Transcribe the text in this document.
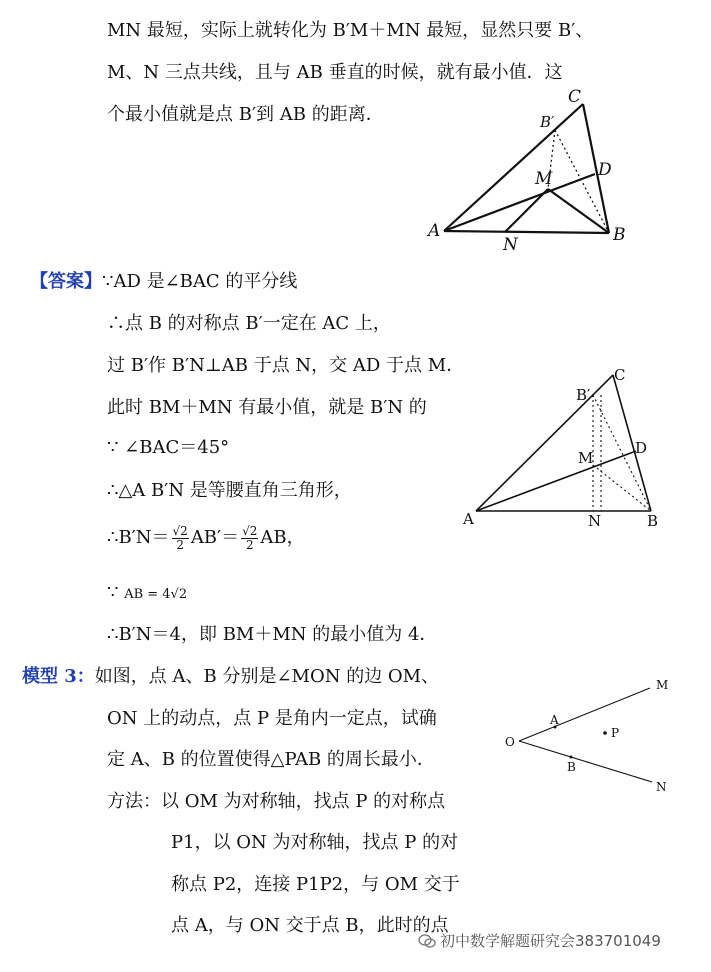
MN 最短，实际上就转化为 B′M＋MN 最短，显然只要 B′、
M、N 三点共线，且与 AB 垂直的时候，就有最小值．这
个最小值就是点 B′到 AB 的距离．
C
B′
D
M
A
N	B
【答案】∵AD 是∠BAC 的平分线
∴点 B 的对称点 B′一定在 AC 上，
过 B′作 B′N⊥AB 于点 N，交 AD 于点 M．
此时 BM＋MN 有最小值，就是 B′N 的
∵ ∠BAC＝45°
∴△A B′N 是等腰直角三角形，
∴B′N＝ $\frac{√2}{2} AB'= \frac{√2}{2}$ AB，
∵ AB = 4√2
∴B′N＝4，即 BM＋MN 的最小值为 4．
C
B′
D
M
A	N	B
模型 3：如图，点 A、B 分别是∠MON 的边 OM、
ON 上的动点，点 P 是角内一定点，试确
定 A、B 的位置使得△PAB 的周长最小．
方法：以 OM 为对称轴，找点 P 的对称点
P1，以 ON 为对称轴，找点 P 的对
称点 P2，连接 P1P2，与 OM 交于
点 A，与 ON 交于点 B，此时的点
O
M
N
A
B
P
初中数学解题研究会383701049
